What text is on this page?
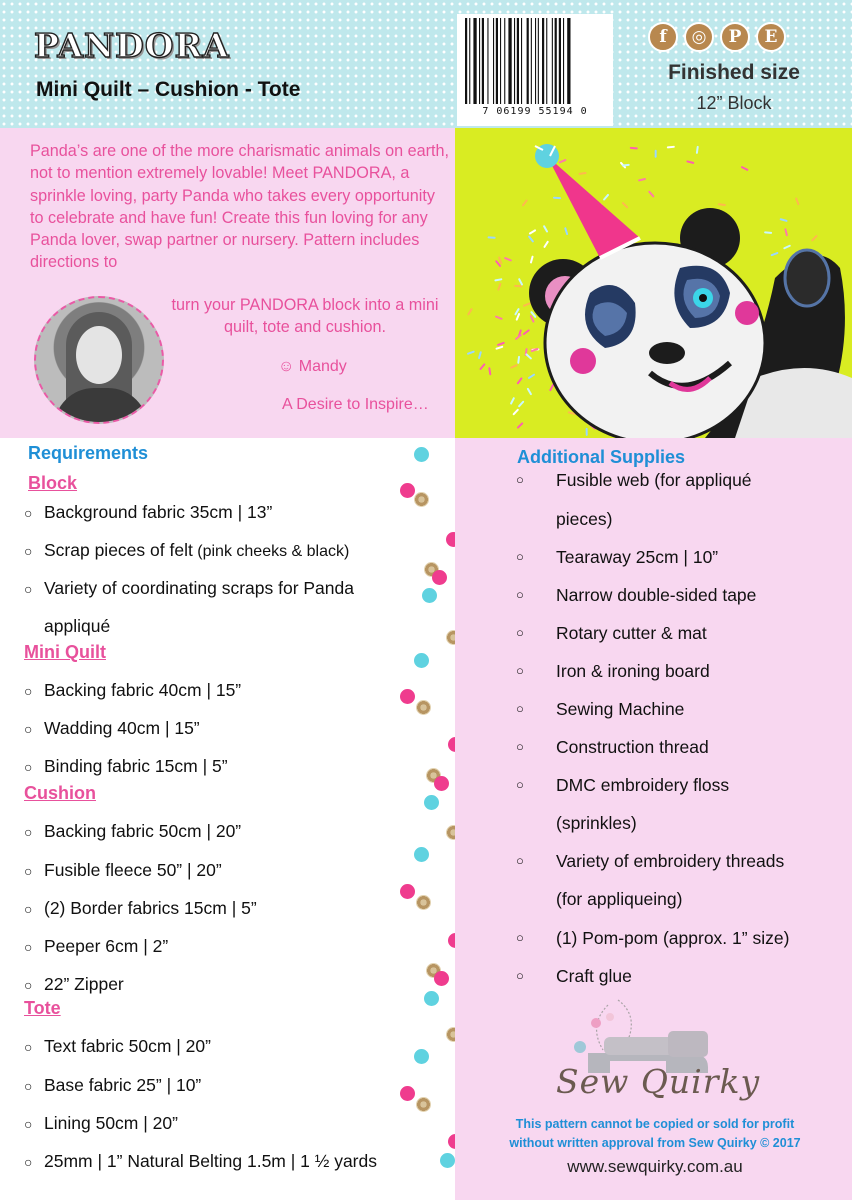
PANDORA
Mini Quilt – Cushion - Tote
7 06199 55194 0
f	◎	P	E
Finished size
12” Block
Panda’s are one of the more charismatic animals on earth, not to mention extremely lovable! Meet PANDORA, a sprinkle loving, party Panda who takes every opportunity to celebrate and have fun! Create this fun loving for any Panda lover, swap partner or nursery. Pattern includes directions to
turn your PANDORA block into a mini quilt, tote and cushion.
☺ Mandy
A Desire to Inspire…
Requirements
Block
○ Background fabric 35cm | 13”
○ Scrap pieces of felt (pink cheeks & black)
○ Variety of coordinating scraps for Panda
appliqué
Mini Quilt
○ Backing fabric 40cm | 15”
○ Wadding 40cm | 15”
○ Binding fabric 15cm | 5”
Cushion
○ Backing fabric 50cm | 20”
○ Fusible fleece 50” | 20”
○ (2) Border fabrics 15cm | 5”
○ Peeper 6cm | 2”
○ 22” Zipper
Tote
○ Text fabric 50cm | 20”
○ Base fabric 25” | 10”
○ Lining 50cm | 20”
○ 25mm | 1” Natural Belting 1.5m | 1 ½ yards
Additional Supplies
○ Fusible web (for appliqué
pieces)
○ Tearaway 25cm | 10”
○ Narrow double-sided tape
○ Rotary cutter & mat
○ Iron & ironing board
○ Sewing Machine
○ Construction thread
○ DMC embroidery floss
(sprinkles)
○ Variety of embroidery threads
(for appliqueing)
○ (1) Pom-pom (approx. 1” size)
○ Craft glue
Sew Quirky
This pattern cannot be copied or sold for profit
without written approval from Sew Quirky © 2017
www.sewquirky.com.au
